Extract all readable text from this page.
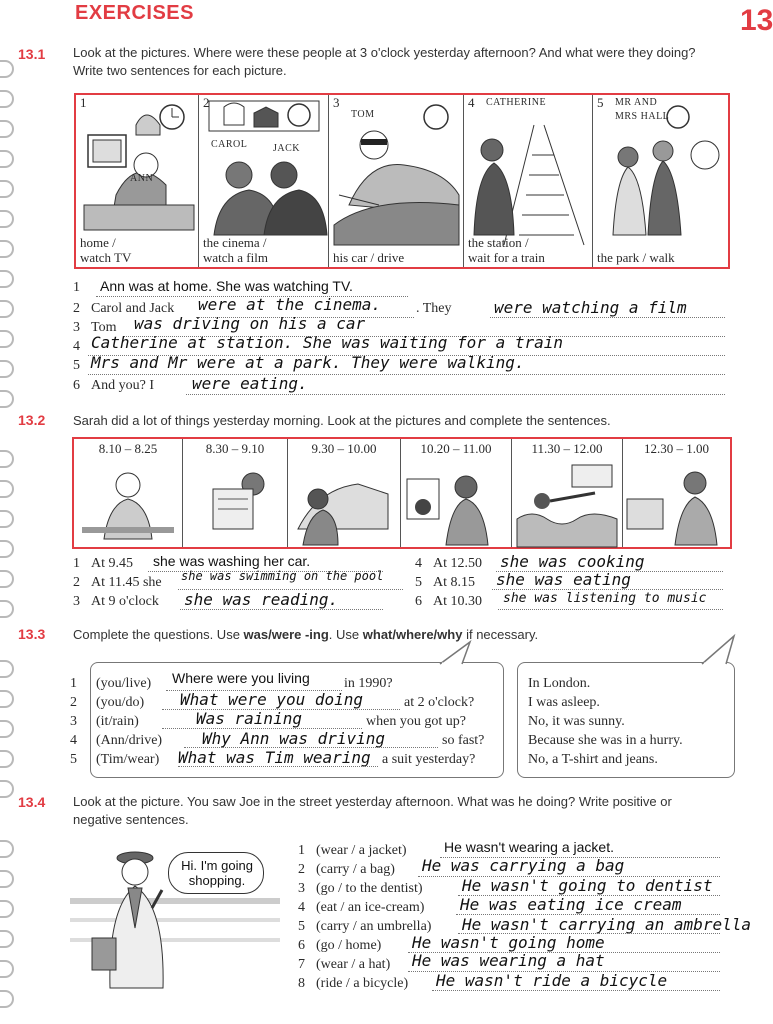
EXERCISES	13
13.1 Look at the pictures. Where were these people at 3 o'clock yesterday afternoon? And what were they doing? Write two sentences for each picture.
1
ANN
home /
watch TV
2
CAROL	JACK
the cinema /
watch a film
3
TOM
his car / drive
4 CATHERINE
the station /
wait for a train
5 MR AND
MRS HALL
the park / walk
1 Ann was at home. She was watching TV.
2 Carol and Jack were at the cinema. . They	were watching a film
3 Tom was driving on his a car
4 Catherine at station. She was waiting for a train
5 Mrs and Mr were at a park. They were walking.
6 And you? I were eating.
13.2 Sarah did a lot of things yesterday morning. Look at the pictures and complete the sentences.
8.10 – 8.25	8.30 – 9.10	9.30 – 10.00	10.20 – 11.00	11.30 – 12.00	12.30 – 1.00
1 At 9.45 she was washing her car.
2 At 11.45 she she was swimming on the pool
3 At 9 o'clock she was reading.
4 At 12.50 she was cooking
5 At 8.15 she was eating
6 At 10.30 she was listening to music
13.3 Complete the questions. Use was/were -ing. Use what/where/why if necessary.
1 (you/live) Where were you living in 1990?
2 (you/do) What were you doing	at 2 o'clock?
3 (it/rain)	Was raining	when you got up?
4 (Ann/drive) Why Ann was driving	so fast?
5 (Tim/wear) What was Tim wearing a suit yesterday?
In London.
I was asleep.
No, it was sunny.
Because she was in a hurry.
No, a T-shirt and jeans.
13.4 Look at the picture. You saw Joe in the street yesterday afternoon. What was he doing? Write positive or negative sentences.
Hi. I'm going shopping.
1 (wear / a jacket)	He wasn't wearing a jacket.
2 (carry / a bag) He was carrying a bag
3 (go / to the dentist) He wasn't going to dentist
4 (eat / an ice-cream) He was eating ice cream
5 (carry / an umbrella) He wasn't carrying an ambrella
6 (go / home) He wasn't going home
7 (wear / a hat) He was wearing a hat
8 (ride / a bicycle) He wasn't ride a bicycle
